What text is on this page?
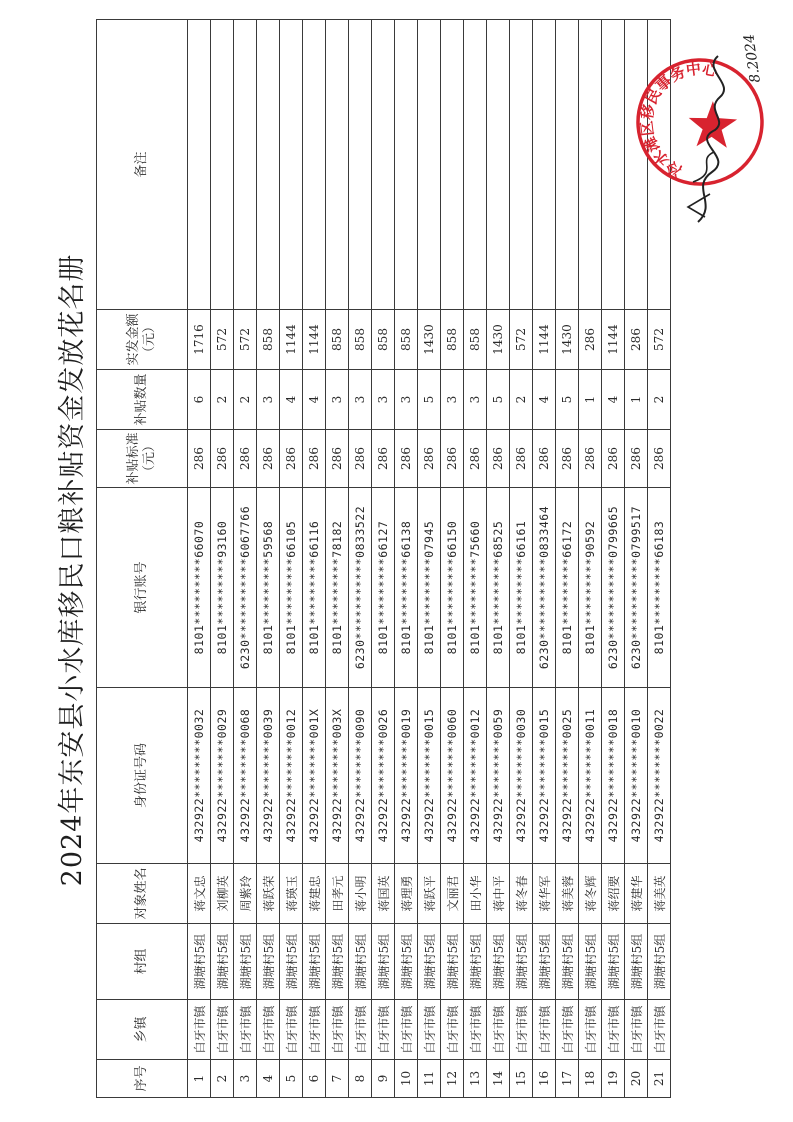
2024年东安县小水库移民口粮补贴资金发放花名册
序号	乡镇	村组	对象姓名	身份证号码	银行账号	补贴标准（元）	补贴数量	实发金额（元）	备注
1	白牙市镇	湖塘村5组	蒋文忠	432922********0032	8101*********66070	286	6	1716	
2	白牙市镇	湖塘村5组	刘柳英	432922********0029	8101*********93160	286	2	572	
3	白牙市镇	湖塘村5组	周紫玲	432922********0068	6230***********6067766	286	2	572	
4	白牙市镇	湖塘村5组	蒋跃荣	432922********0039	8101*********59568	286	3	858	
5	白牙市镇	湖塘村5组	蒋瑛玉	432922********0012	8101*********66105	286	4	1144	
6	白牙市镇	湖塘村5组	蒋建忠	432922********001X	8101*********66116	286	4	1144	
7	白牙市镇	湖塘村5组	田孝元	432922********003X	8101*********78182	286	3	858	
8	白牙市镇	湖塘村5组	蒋小明	432922********0090	6230***********0833522	286	3	858	
9	白牙市镇	湖塘村5组	蒋国英	432922********0026	8101*********66127	286	3	858	
10	白牙市镇	湖塘村5组	蒋理勇	432922********0019	8101*********66138	286	3	858	
11	白牙市镇	湖塘村5组	蒋跃平	432922********0015	8101*********07945	286	5	1430	
12	白牙市镇	湖塘村5组	文丽君	432922********0060	8101*********66150	286	3	858	
13	白牙市镇	湖塘村5组	田小华	432922********0012	8101*********75660	286	3	858	
14	白牙市镇	湖塘村5组	蒋中平	432922********0059	8101*********68525	286	5	1430	
15	白牙市镇	湖塘村5组	蒋冬春	432922********0030	8101*********66161	286	2	572	
16	白牙市镇	湖塘村5组	蒋华军	432922********0015	6230***********0833464	286	4	1144	
17	白牙市镇	湖塘村5组	蒋美蓉	432922********0025	8101*********66172	286	5	1430	
18	白牙市镇	湖塘村5组	蒋冬辉	432922********0011	8101*********90592	286	1	286	
19	白牙市镇	湖塘村5组	蒋绍要	432922********0018	6230***********0799665	286	4	1144	
20	白牙市镇	湖塘村5组	蒋建华	432922********0010	6230***********0799517	286	1	286	
21	白牙市镇	湖塘村5组	蒋美英	432922********0022	8101*********66183	286	2	572	
冷水滩区移民事务中心 8.2024
